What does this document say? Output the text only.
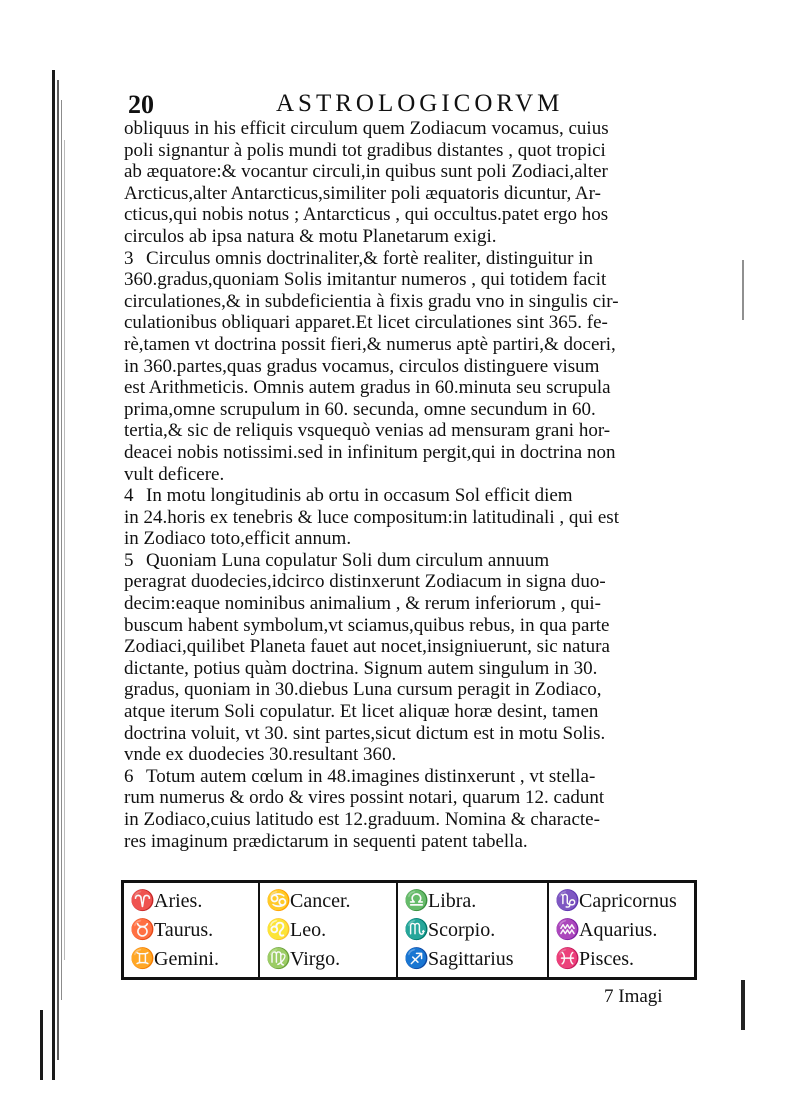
20	ASTROLOGICORVM
obliquus in his efficit circulum quem Zodiacum vocamus, cuius
poli signantur à polis mundi tot gradibus distantes , quot tropici
ab æquatore:& vocantur circuli,in quibus sunt poli Zodiaci,alter
Arcticus,alter Antarcticus,similiter poli æquatoris dicuntur, Ar-
cticus,qui nobis notus ; Antarcticus , qui occultus.patet ergo hos
circulos ab ipsa natura & motu Planetarum exigi.
3 Circulus omnis doctrinaliter,& fortè realiter, distinguitur in
360.gradus,quoniam Solis imitantur numeros , qui totidem facit
circulationes,& in subdeficientia à fixis gradu vno in singulis cir-
culationibus obliquari apparet.Et licet circulationes sint 365. fe-
rè,tamen vt doctrina possit fieri,& numerus aptè partiri,& doceri,
in 360.partes,quas gradus vocamus, circulos distinguere visum
est Arithmeticis. Omnis autem gradus in 60.minuta seu scrupula
prima,omne scrupulum in 60. secunda, omne secundum in 60.
tertia,& sic de reliquis vsquequò venias ad mensuram grani hor-
deacei nobis notissimi.sed in infinitum pergit,qui in doctrina non
vult deficere.
4 In motu longitudinis ab ortu in occasum Sol efficit diem
in 24.horis ex tenebris & luce compositum:in latitudinali , qui est
in Zodiaco toto,efficit annum.
5 Quoniam Luna copulatur Soli dum circulum annuum
peragrat duodecies,idcirco distinxerunt Zodiacum in signa duo-
decim:eaque nominibus animalium , & rerum inferiorum , qui-
buscum habent symbolum,vt sciamus,quibus rebus, in qua parte
Zodiaci,quilibet Planeta fauet aut nocet,insigniuerunt, sic natura
dictante, potius quàm doctrina. Signum autem singulum in 30.
gradus, quoniam in 30.diebus Luna cursum peragit in Zodiaco,
atque iterum Soli copulatur. Et licet aliquæ horæ desint, tamen
doctrina voluit, vt 30. sint partes,sicut dictum est in motu Solis.
vnde ex duodecies 30.resultant 360.
6 Totum autem cœlum in 48.imagines distinxerunt , vt stella-
rum numerus & ordo & vires possint notari, quarum 12. cadunt
in Zodiaco,cuius latitudo est 12.graduum. Nomina & characte-
res imaginum prædictarum in sequenti patent tabella.
♈Aries.
♉Taurus.
♊Gemini.
♋Cancer.
♌Leo.
♍Virgo.
♎Libra.
♏Scorpio.
♐Sagittarius
♑Capricornus
♒Aquarius.
♓Pisces.
7 Imagi
